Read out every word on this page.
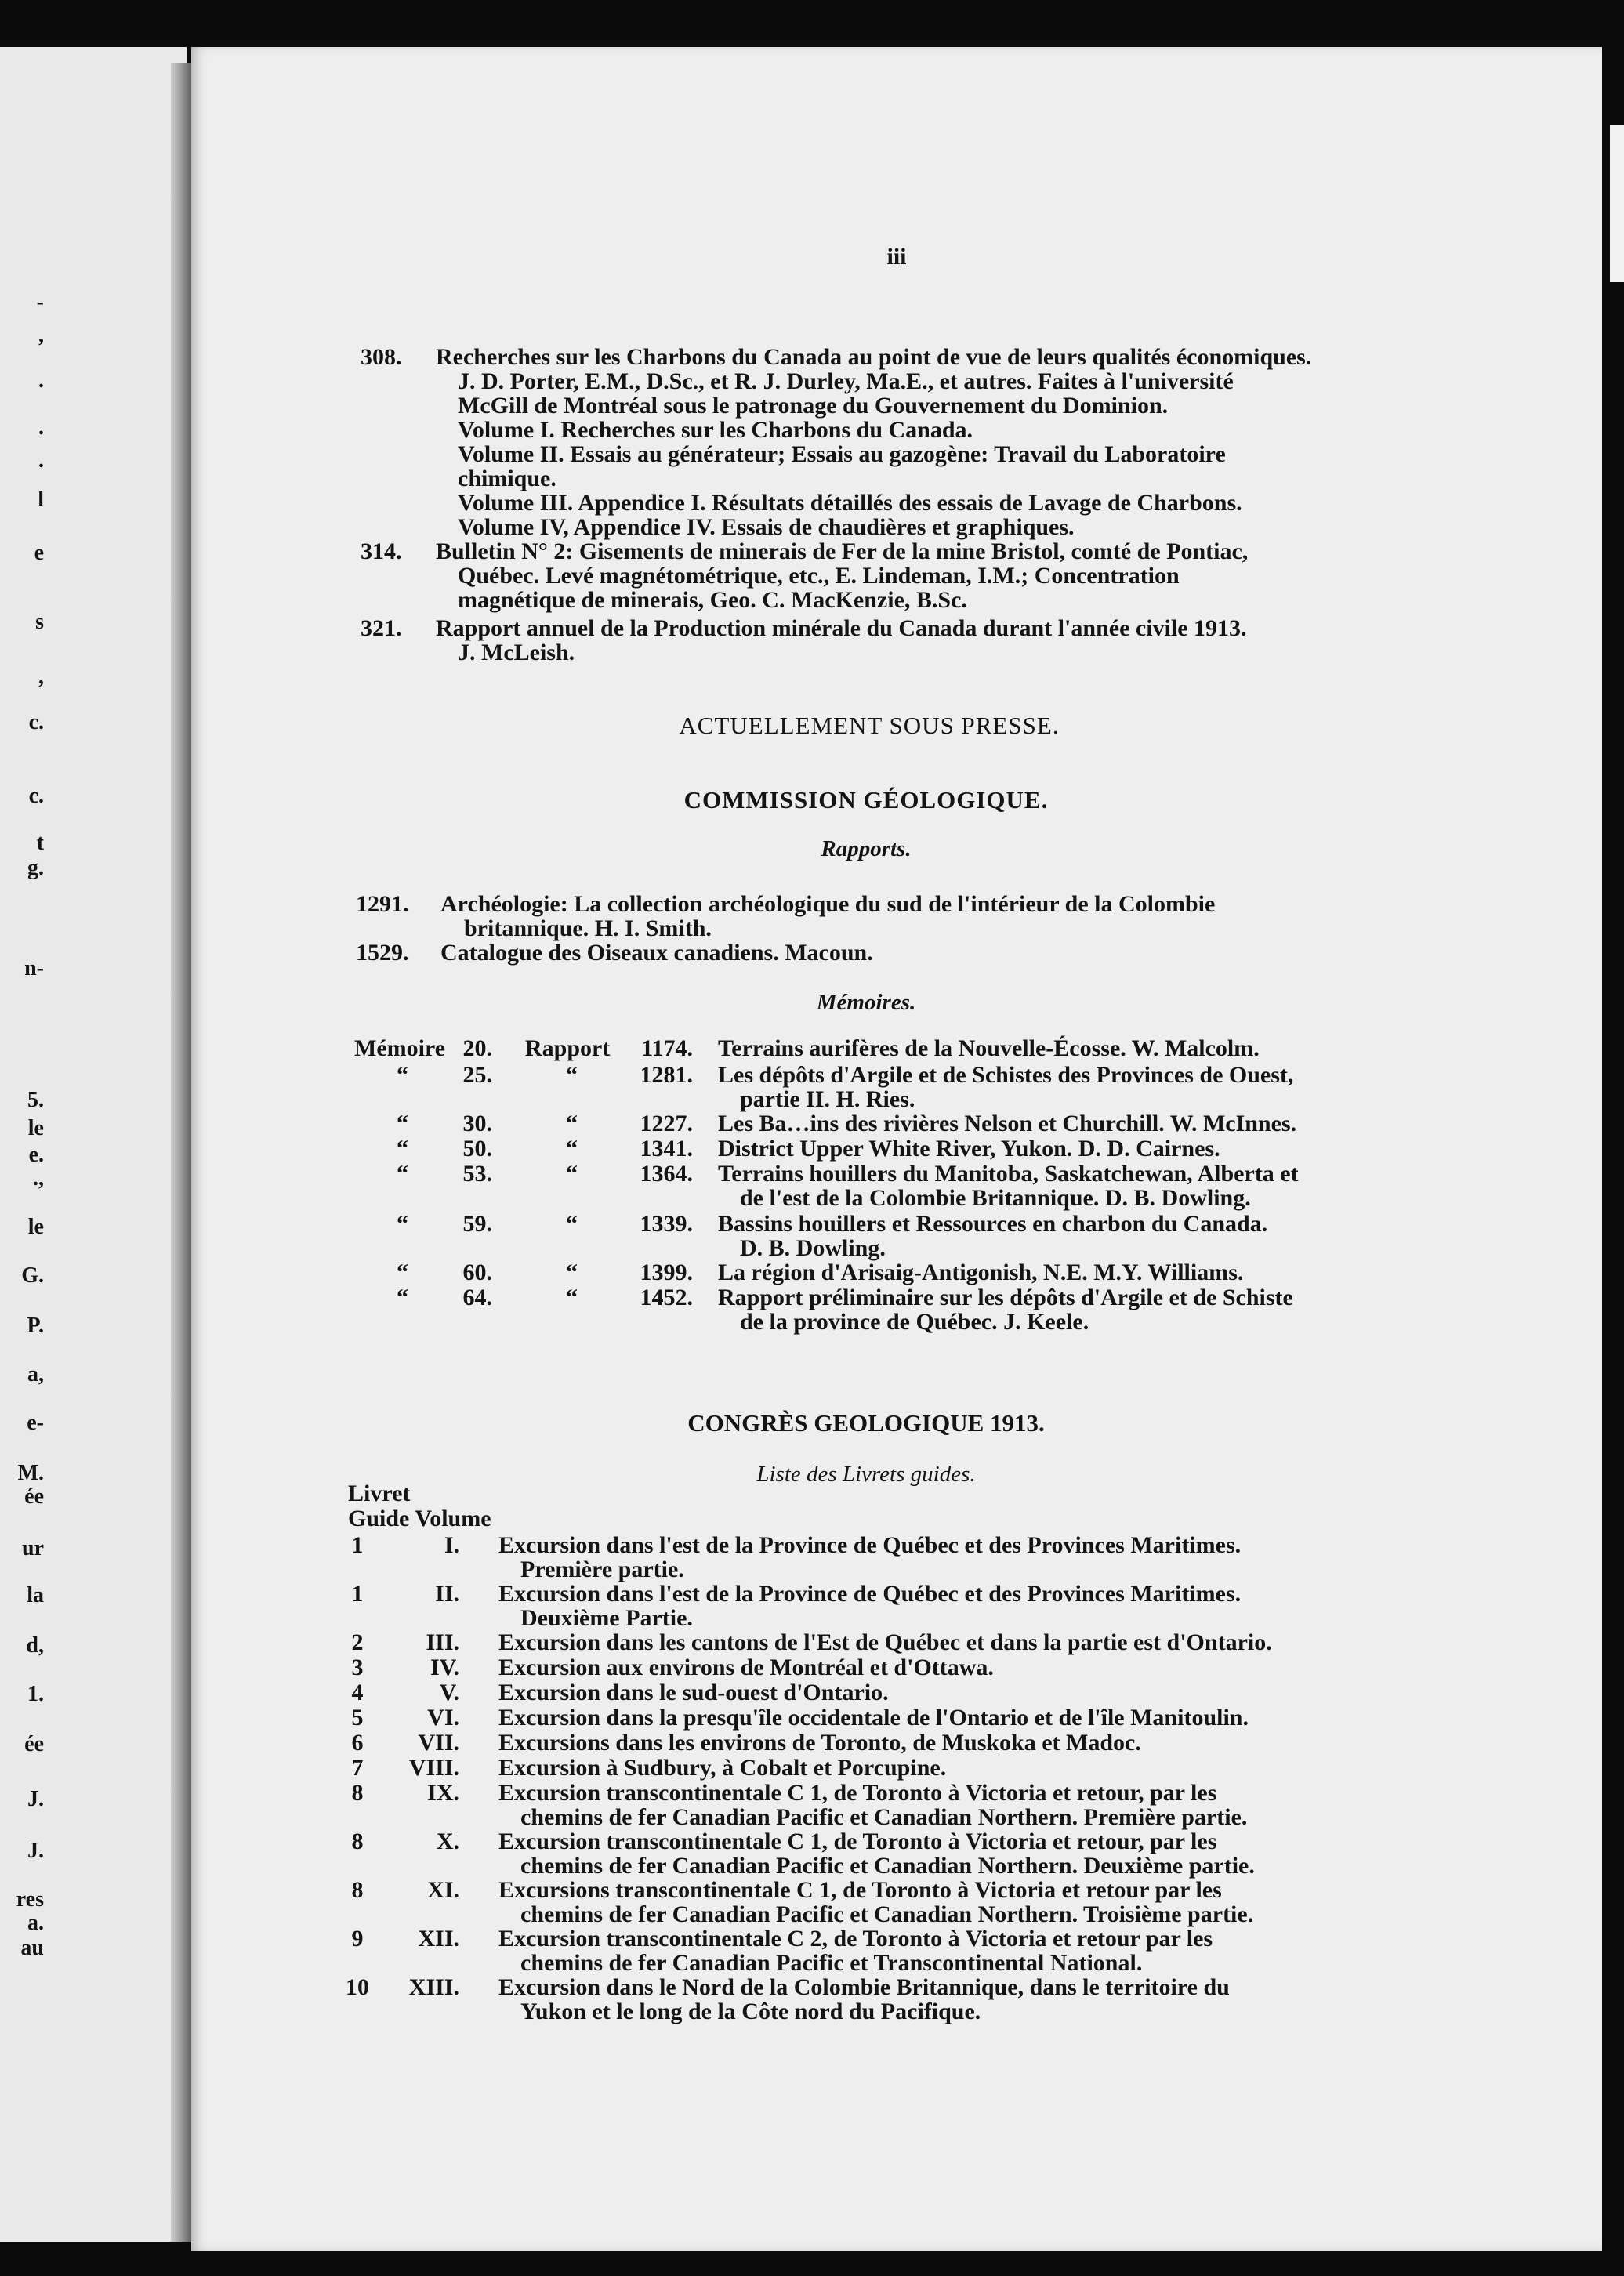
-
,
.
.
.
l
e
s
,
c.
c.
t
g.
n-
5.
le
e.
.,
le
G.
P.
a,
e-
M.
ée
ur
la
d,
1.
ée
J.
J.
res
a.
au
iii
308. Recherches sur les Charbons du Canada au point de vue de leurs qualités économiques.
J. D. Porter, E.M., D.Sc., et R. J. Durley, Ma.E., et autres. Faites à l'université
McGill de Montréal sous le patronage du Gouvernement du Dominion.
Volume I. Recherches sur les Charbons du Canada.
Volume II. Essais au générateur; Essais au gazogène: Travail du Laboratoire
chimique.
Volume III. Appendice I. Résultats détaillés des essais de Lavage de Charbons.
Volume IV, Appendice IV. Essais de chaudières et graphiques.
314. Bulletin N° 2: Gisements de minerais de Fer de la mine Bristol, comté de Pontiac,
Québec. Levé magnétométrique, etc., E. Lindeman, I.M.; Concentration
magnétique de minerais, Geo. C. MacKenzie, B.Sc.
321. Rapport annuel de la Production minérale du Canada durant l'année civile 1913.
J. McLeish.
ACTUELLEMENT SOUS PRESSE.
COMMISSION GÉOLOGIQUE.
Rapports.
1291. Archéologie: La collection archéologique du sud de l'intérieur de la Colombie
britannique. H. I. Smith.
1529. Catalogue des Oiseaux canadiens. Macoun.
Mémoires.
Mémoire 20. Rapport	1174. Terrains aurifères de la Nouvelle-Écosse. W. Malcolm.
“	25.	“	1281. Les dépôts d'Argile et de Schistes des Provinces de Ouest,
partie II. H. Ries.
“	30.	“	1227. Les Ba…ins des rivières Nelson et Churchill. W. McInnes.
“	50.	“	1341. District Upper White River, Yukon. D. D. Cairnes.
“	53.	“	1364. Terrains houillers du Manitoba, Saskatchewan, Alberta et
de l'est de la Colombie Britannique. D. B. Dowling.
“	59.	“	1339. Bassins houillers et Ressources en charbon du Canada.
D. B. Dowling.
“	60.	“	1399. La région d'Arisaig-Antigonish, N.E. M.Y. Williams.
“	64.	“	1452. Rapport préliminaire sur les dépôts d'Argile et de Schiste
de la province de Québec. J. Keele.
CONGRÈS GEOLOGIQUE 1913.
Liste des Livrets guides.
Livret
Guide Volume
1	I. Excursion dans l'est de la Province de Québec et des Provinces Maritimes.
Première partie.
1	II. Excursion dans l'est de la Province de Québec et des Provinces Maritimes.
Deuxième Partie.
2	III. Excursion dans les cantons de l'Est de Québec et dans la partie est d'Ontario.
3	IV. Excursion aux environs de Montréal et d'Ottawa.
4	V. Excursion dans le sud-ouest d'Ontario.
5	VI. Excursion dans la presqu'île occidentale de l'Ontario et de l'île Manitoulin.
6	VII. Excursions dans les environs de Toronto, de Muskoka et Madoc.
7	VIII. Excursion à Sudbury, à Cobalt et Porcupine.
8	IX. Excursion transcontinentale C 1, de Toronto à Victoria et retour, par les
chemins de fer Canadian Pacific et Canadian Northern. Première partie.
8	X. Excursion transcontinentale C 1, de Toronto à Victoria et retour, par les
chemins de fer Canadian Pacific et Canadian Northern. Deuxième partie.
8	XI. Excursions transcontinentale C 1, de Toronto à Victoria et retour par les
chemins de fer Canadian Pacific et Canadian Northern. Troisième partie.
9	XII. Excursion transcontinentale C 2, de Toronto à Victoria et retour par les
chemins de fer Canadian Pacific et Transcontinental National.
10	XIII. Excursion dans le Nord de la Colombie Britannique, dans le territoire du
Yukon et le long de la Côte nord du Pacifique.
